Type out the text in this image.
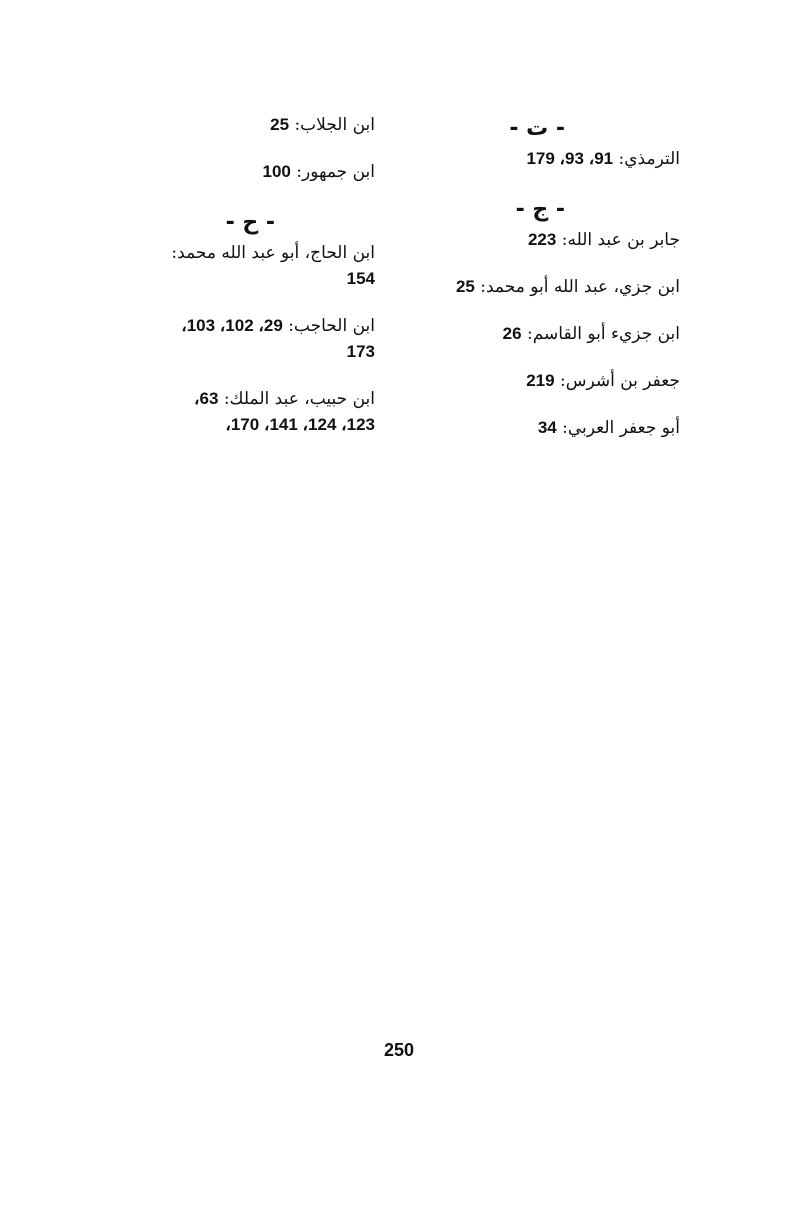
- ت -
الترمذي: 91، 93، 179
- ج -
جابر بن عبد الله: 223
ابن جزي، عبد الله أبو محمد: 25
ابن جزيء أبو القاسم: 26
جعفر بن أشرس: 219
أبو جعفر العربي: 34
ابن الجلاب: 25
ابن جمهور: 100
- ح -
ابن الحاج، أبو عبد الله محمد:
154
ابن الحاجب: 29، 102، 103،
173
ابن حبيب، عبد الملك: 63،
123، 124، 141، 170،
250
